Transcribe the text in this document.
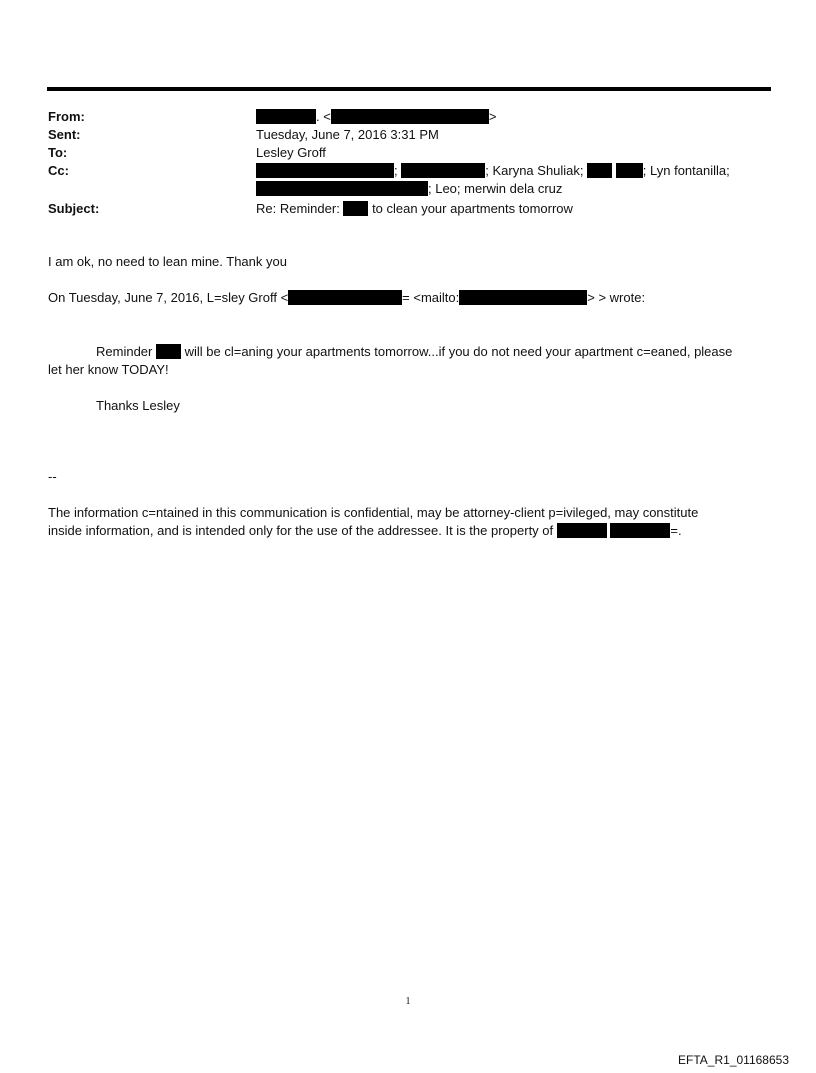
From:	. <	>
Sent:	Tuesday, June 7, 2016 3:31 PM
To:	Lesley Groff
Cc:	;	; Karyna Shuliak;	; Lyn fontanilla;
; Leo; merwin dela cruz
Subject:	Re: Reminder: to clean your apartments tomorrow
I am ok, no need to lean mine. Thank you
On Tuesday, June 7, 2016, L=sley Groff <	= <mailto:	> > wrote:
Reminder will be cl=aning your apartments tomorrow...if you do not need your apartment c=eaned, please
let her know TODAY!
Thanks Lesley
--
The information c=ntained in this communication is confidential, may be attorney-client p=ivileged, may constitute
inside information, and is intended only for the use of the addressee. It is the property of	=.
1
EFTA_R1_01168653
